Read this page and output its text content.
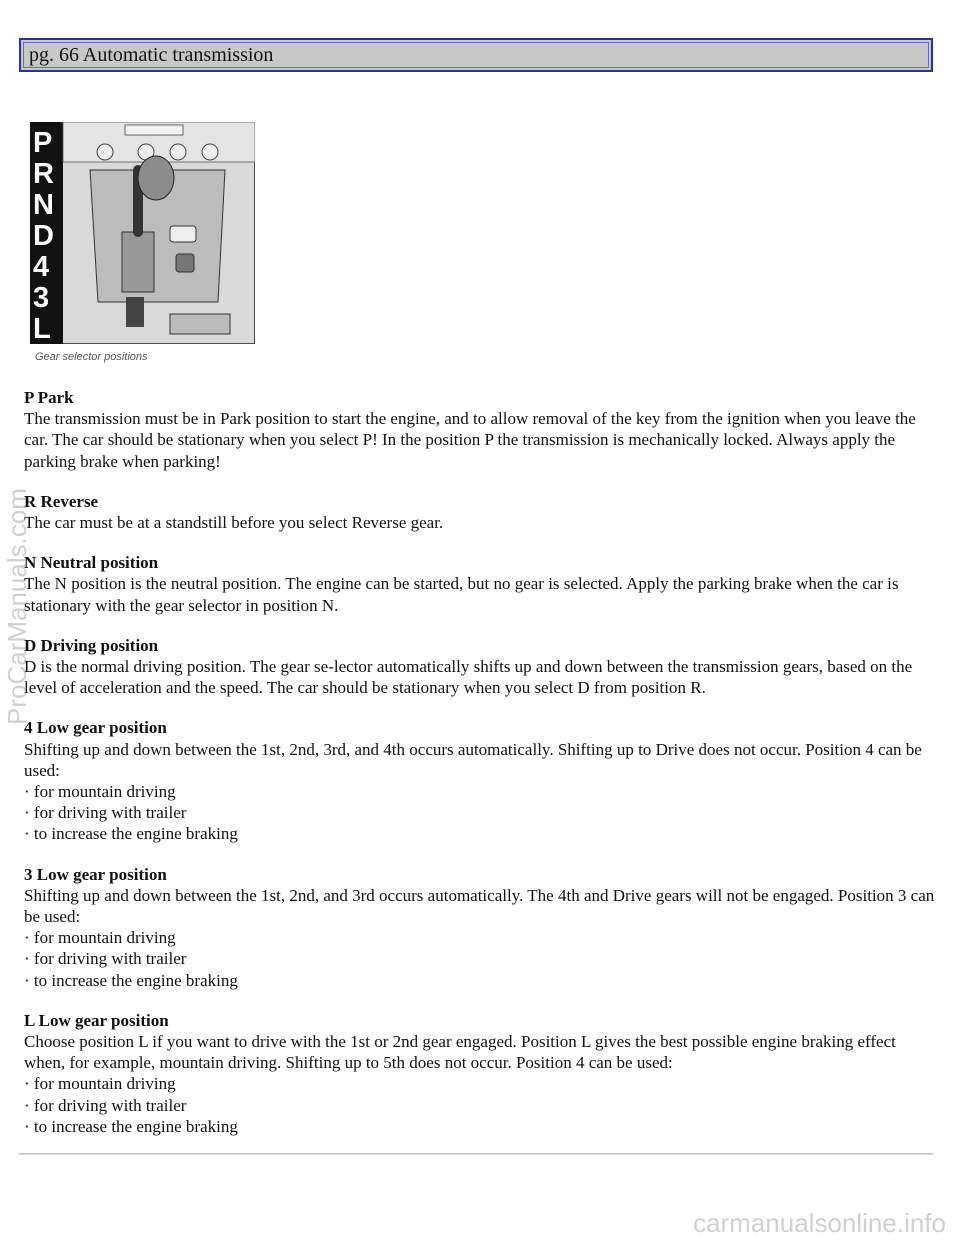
pg. 66 Automatic transmission
P
R
N
D
4
3
L
Gear selector positions
P Park

The transmission must be in Park position to start the engine, and to allow removal of the key from the ignition when you leave the car. The car should be stationary when you select P! In the position P the transmission is mechanically locked. Always apply the parking brake when parking!

R Reverse

The car must be at a standstill before you select Reverse gear.

N Neutral position

The N position is the neutral position. The engine can be started, but no gear is selected. Apply the parking brake when the car is stationary with the gear selector in position N.

D Driving position

D is the normal driving position. The gear se-lector automatically shifts up and down between the transmission gears, based on the level of acceleration and the speed. The car should be stationary when you select D from position R.

4 Low gear position

Shifting up and down between the 1st, 2nd, 3rd, and 4th occurs automatically. Shifting up to Drive does not occur. Position 4 can be used:

· for mountain driving
· for driving with trailer
· to increase the engine braking
3 Low gear position

Shifting up and down between the 1st, 2nd, and 3rd occurs automatically. The 4th and Drive gears will not be engaged. Position 3 can be used:

· for mountain driving
· for driving with trailer
· to increase the engine braking
L Low gear position

Choose position L if you want to drive with the 1st or 2nd gear engaged. Position L gives the best possible engine braking effect when, for example, mountain driving. Shifting up to 5th does not occur. Position 4 can be used:

· for mountain driving
· for driving with trailer
· to increase the engine braking
ProCarManuals.com
carmanualsonline.info
